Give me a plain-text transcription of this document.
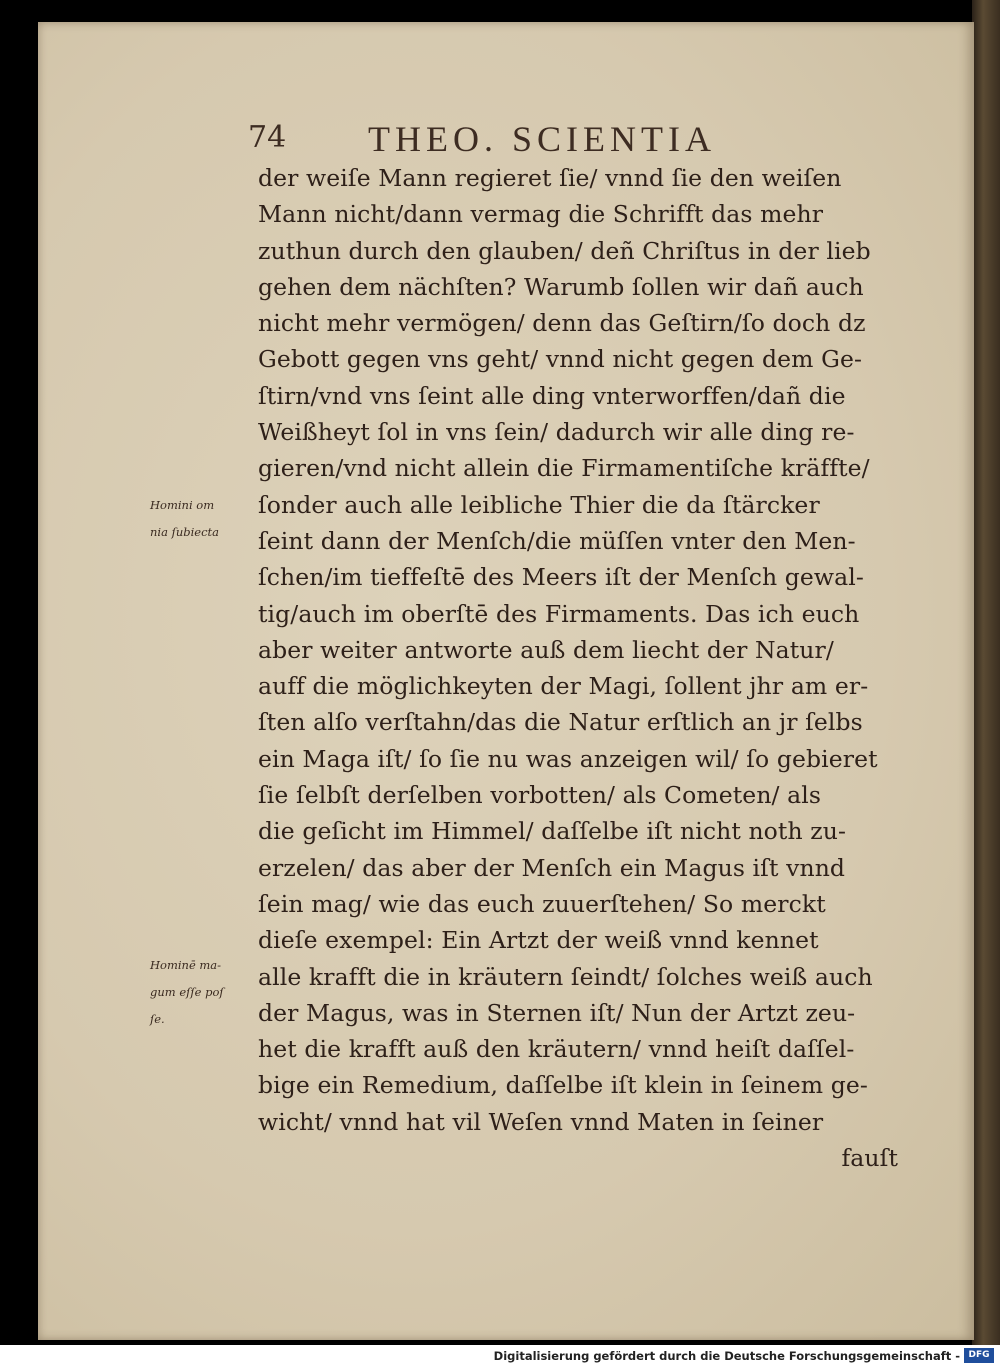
74 THEO. SCIENTIA
der weiſe Mann regieret ſie/ vnnd ſie den weiſen
Mann nicht/dann vermag die Schrifft das mehr
zuthun durch den glauben/ deñ Chriſtus in der lieb
gehen dem nächſten? Warumb ſollen wir dañ auch
nicht mehr vermögen/ denn das Geſtirn/ſo doch dz
Gebott gegen vns geht/ vnnd nicht gegen dem Ge-
ſtirn/vnd vns ſeint alle ding vnterworffen/dañ die
Weißheyt ſol in vns ſein/ dadurch wir alle ding re-
gieren/vnd nicht allein die Firmamentiſche kräffte/
ſonder auch alle leibliche Thier die da ſtärcker
ſeint dann der Menſch/die müſſen vnter den Men-
ſchen/im tieffeſtē des Meers iſt der Menſch gewal-
tig/auch im oberſtē des Firmaments. Das ich euch
aber weiter antworte auß dem liecht der Natur/
auff die möglichkeyten der Magi, ſollent jhr am er-
ſten alſo verſtahn/das die Natur erſtlich an jr ſelbs
ein Maga iſt/ ſo ſie nu was anzeigen wil/ ſo gebieret
ſie ſelbſt derſelben vorbotten/ als Cometen/ als
die geſicht im Himmel/ daſſelbe iſt nicht noth zu-
erzelen/ das aber der Menſch ein Magus iſt vnnd
ſein mag/ wie das euch zuuerſtehen/ So merckt
dieſe exempel: Ein Artzt der weiß vnnd kennet
alle krafft die in kräutern ſeindt/ ſolches weiß auch
der Magus, was in Sternen iſt/ Nun der Artzt zeu-
het die krafft auß den kräutern/ vnnd heiſt daſſel-
bige ein Remedium, daſſelbe iſt klein in ſeinem ge-
wicht/ vnnd hat vil Weſen vnnd Maten in ſeiner
fauſt
Homini om
nia ſubiecta
Hominē ma-
gum eſſe poſ
ſe.
Digitalisierung gefördert durch die Deutsche Forschungsgemeinschaft - DFG
